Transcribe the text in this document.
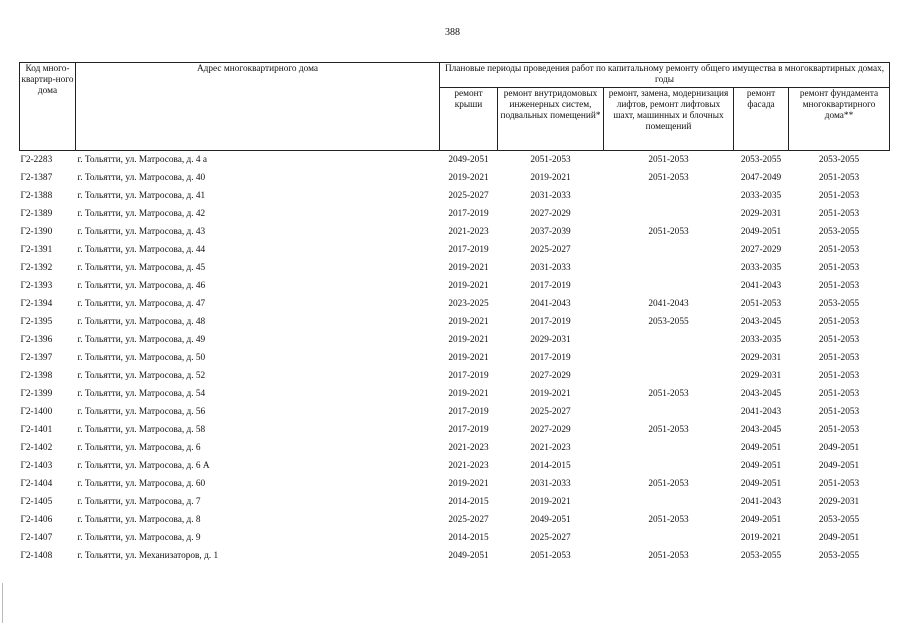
388
Код много-квартир-ного дома	Адрес многоквартирного дома	Плановые периоды проведения работ по капитальному ремонту общего имущества в многоквартирных домах, годы				
		ремонт крыши	ремонт внутридомовых инженерных систем, подвальных помещений*	ремонт, замена, модернизация лифтов, ремонт лифтовых шахт, машинных и блочных помещений	ремонт фасада	ремонт фундамента многоквартирного дома**
Г2-2283	г. Тольятти, ул. Матросова, д. 4 а	2049-2051	2051-2053	2051-2053	2053-2055	2053-2055
Г2-1387	г. Тольятти, ул. Матросова, д. 40	2019-2021	2019-2021	2051-2053	2047-2049	2051-2053
Г2-1388	г. Тольятти, ул. Матросова, д. 41	2025-2027	2031-2033		2033-2035	2051-2053
Г2-1389	г. Тольятти, ул. Матросова, д. 42	2017-2019	2027-2029		2029-2031	2051-2053
Г2-1390	г. Тольятти, ул. Матросова, д. 43	2021-2023	2037-2039	2051-2053	2049-2051	2053-2055
Г2-1391	г. Тольятти, ул. Матросова, д. 44	2017-2019	2025-2027		2027-2029	2051-2053
Г2-1392	г. Тольятти, ул. Матросова, д. 45	2019-2021	2031-2033		2033-2035	2051-2053
Г2-1393	г. Тольятти, ул. Матросова, д. 46	2019-2021	2017-2019		2041-2043	2051-2053
Г2-1394	г. Тольятти, ул. Матросова, д. 47	2023-2025	2041-2043	2041-2043	2051-2053	2053-2055
Г2-1395	г. Тольятти, ул. Матросова, д. 48	2019-2021	2017-2019	2053-2055	2043-2045	2051-2053
Г2-1396	г. Тольятти, ул. Матросова, д. 49	2019-2021	2029-2031		2033-2035	2051-2053
Г2-1397	г. Тольятти, ул. Матросова, д. 50	2019-2021	2017-2019		2029-2031	2051-2053
Г2-1398	г. Тольятти, ул. Матросова, д. 52	2017-2019	2027-2029		2029-2031	2051-2053
Г2-1399	г. Тольятти, ул. Матросова, д. 54	2019-2021	2019-2021	2051-2053	2043-2045	2051-2053
Г2-1400	г. Тольятти, ул. Матросова, д. 56	2017-2019	2025-2027		2041-2043	2051-2053
Г2-1401	г. Тольятти, ул. Матросова, д. 58	2017-2019	2027-2029	2051-2053	2043-2045	2051-2053
Г2-1402	г. Тольятти, ул. Матросова, д. 6	2021-2023	2021-2023		2049-2051	2049-2051
Г2-1403	г. Тольятти, ул. Матросова, д. 6 А	2021-2023	2014-2015		2049-2051	2049-2051
Г2-1404	г. Тольятти, ул. Матросова, д. 60	2019-2021	2031-2033	2051-2053	2049-2051	2051-2053
Г2-1405	г. Тольятти, ул. Матросова, д. 7	2014-2015	2019-2021		2041-2043	2029-2031
Г2-1406	г. Тольятти, ул. Матросова, д. 8	2025-2027	2049-2051	2051-2053	2049-2051	2053-2055
Г2-1407	г. Тольятти, ул. Матросова, д. 9	2014-2015	2025-2027		2019-2021	2049-2051
Г2-1408	г. Тольятти, ул. Механизаторов, д. 1	2049-2051	2051-2053	2051-2053	2053-2055	2053-2055
